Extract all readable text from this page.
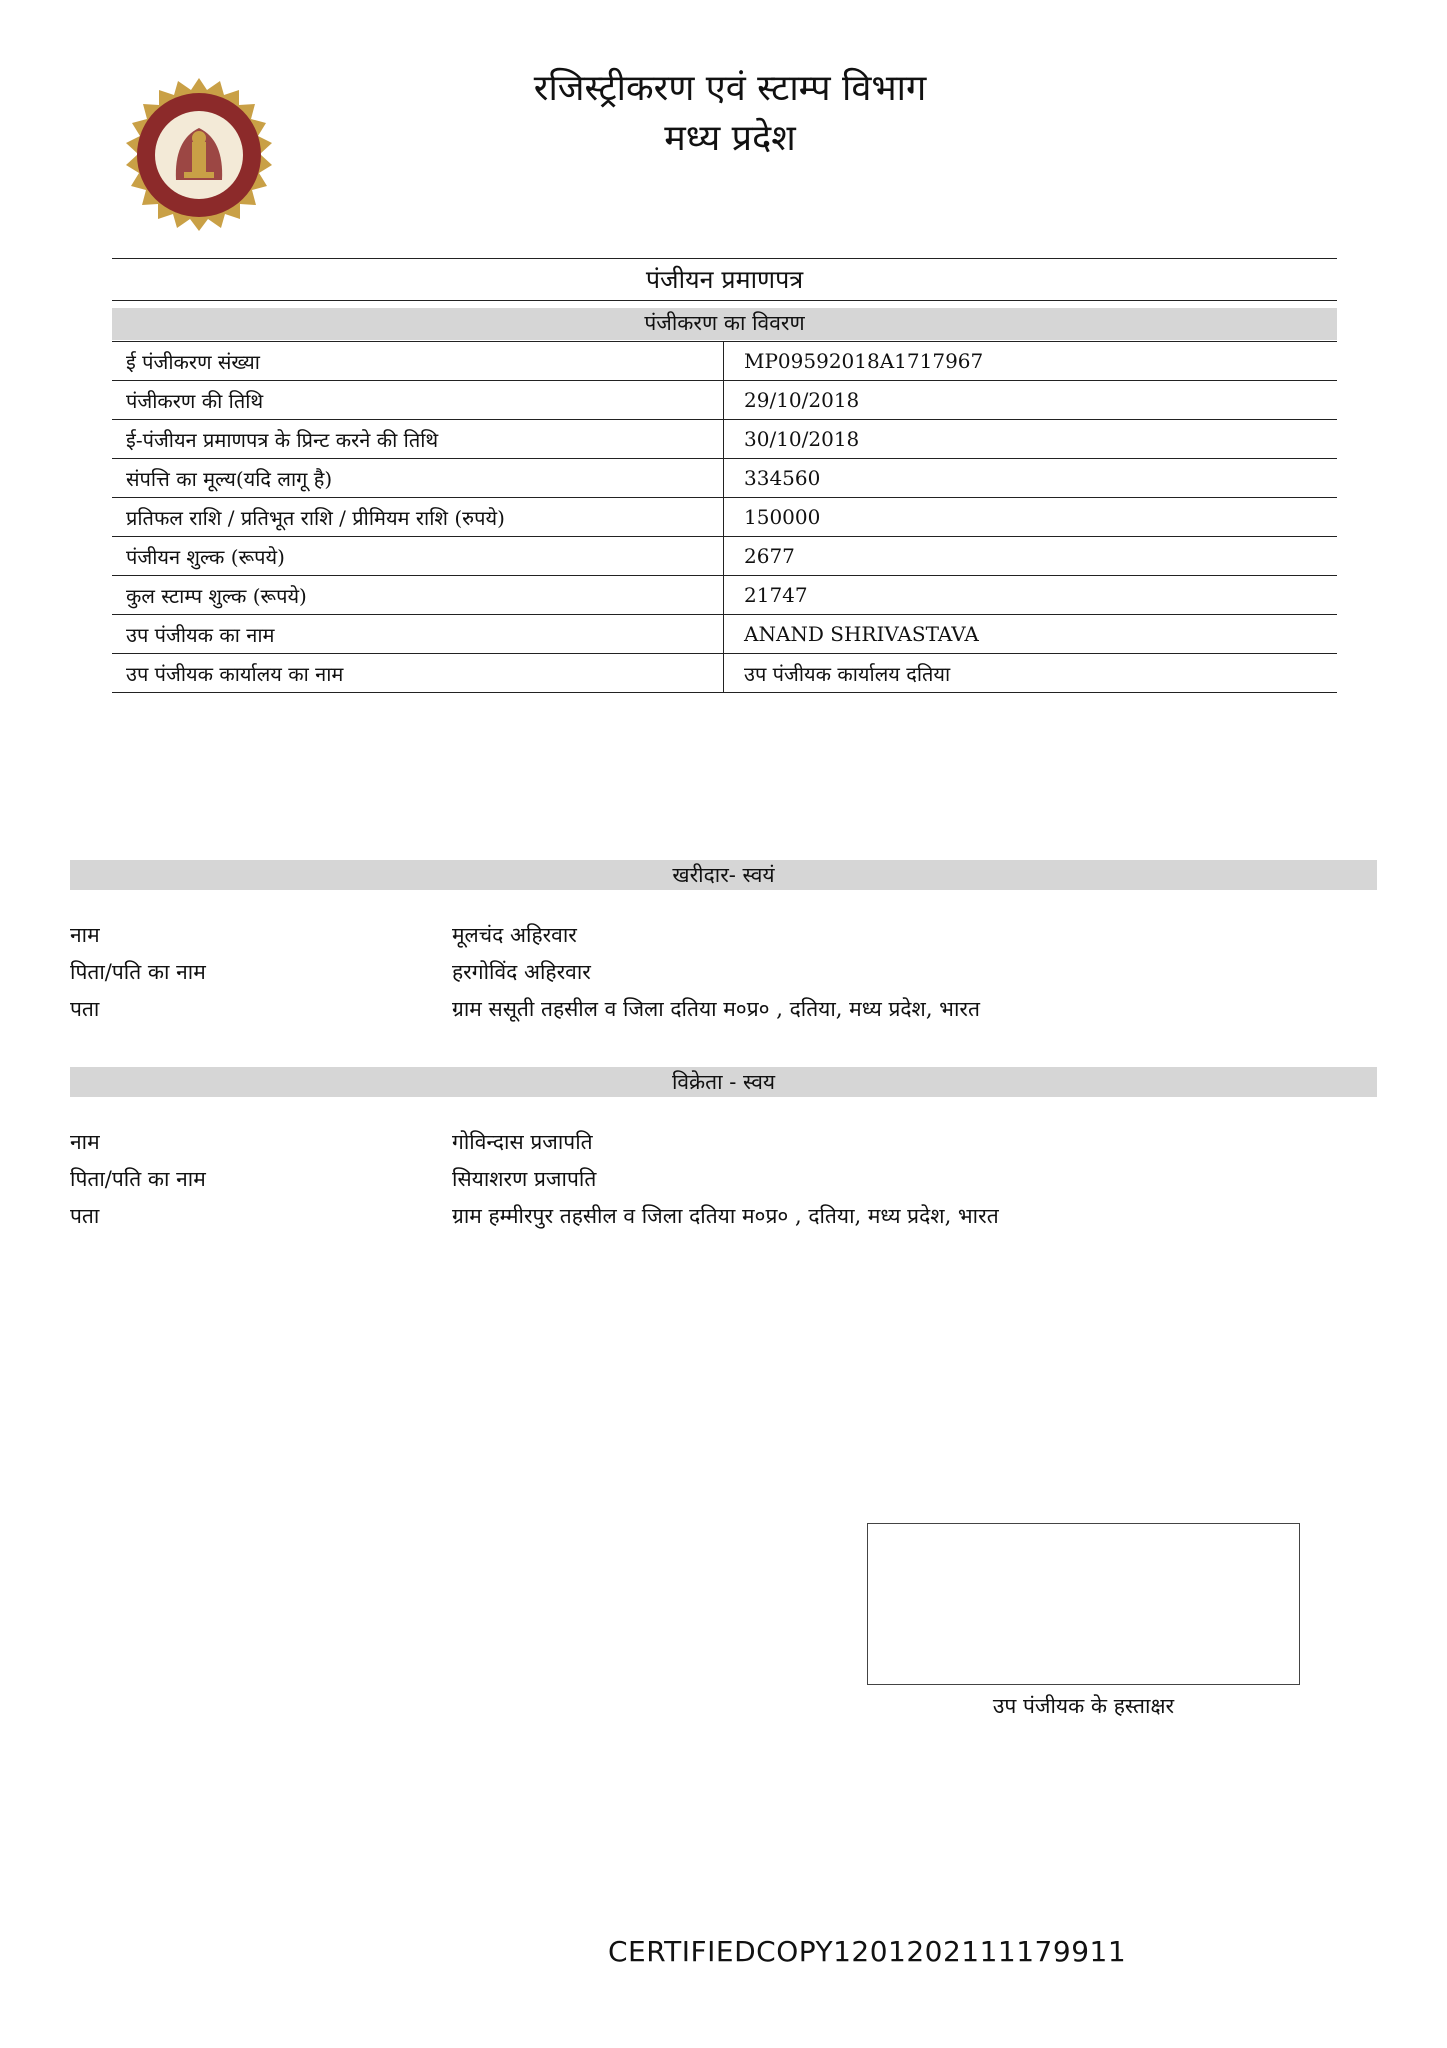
रजिस्ट्रीकरण एवं स्टाम्प विभाग
मध्य प्रदेश
पंजीयन प्रमाणपत्र
पंजीकरण का विवरण
ई पंजीकरण संख्या	MP09592018A1717967
पंजीकरण की तिथि	29/10/2018
ई-पंजीयन प्रमाणपत्र के प्रिन्ट करने की तिथि	30/10/2018
संपत्ति का मूल्य(यदि लागू है)	334560
प्रतिफल राशि / प्रतिभूत राशि / प्रीमियम राशि (रुपये)	150000
पंजीयन शुल्क (रूपये)	2677
कुल स्टाम्प शुल्क (रूपये)	21747
उप पंजीयक का नाम	ANAND SHRIVASTAVA
उप पंजीयक कार्यालय का नाम	उप पंजीयक कार्यालय दतिया
खरीदार- स्वयं
नाम	मूलचंद अहिरवार
पिता/पति का नाम	हरगोविंद अहिरवार
पता	ग्राम ससूती तहसील व जिला दतिया म०प्र० , दतिया, मध्य प्रदेश, भारत
विक्रेता - स्वय
नाम	गोविन्दास प्रजापति
पिता/पति का नाम	सियाशरण प्रजापति
पता	ग्राम हम्मीरपुर तहसील व जिला दतिया म०प्र० , दतिया, मध्य प्रदेश, भारत
उप पंजीयक के हस्ताक्षर
CERTIFIEDCOPY1201202111179911
